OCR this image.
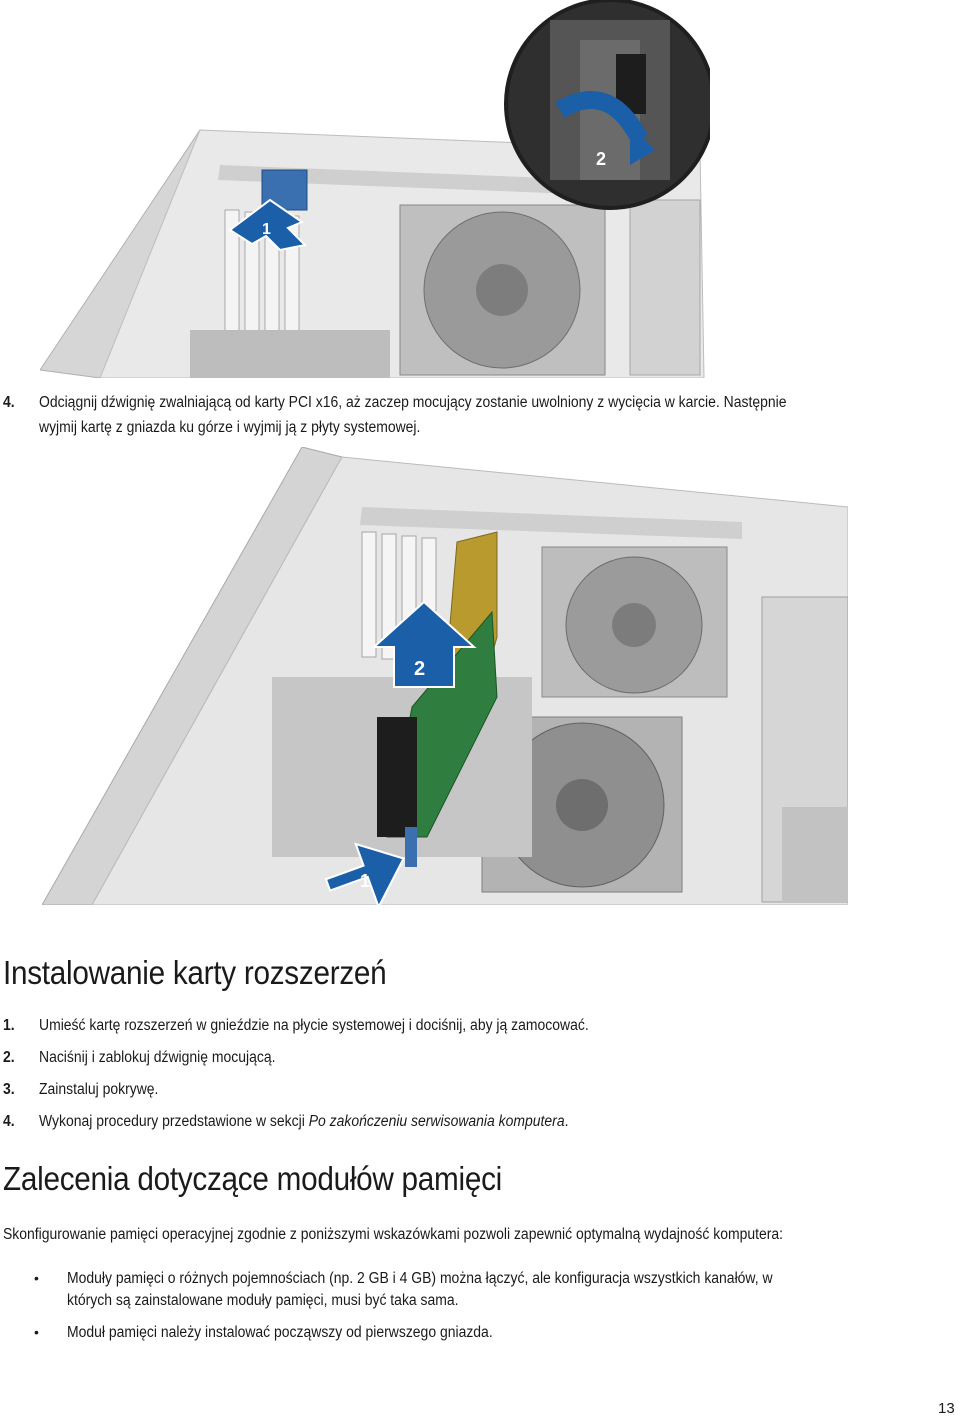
1
2
4. Odciągnij dźwignię zwalniającą od karty PCI x16, aż zaczep mocujący zostanie uwolniony z wycięcia w karcie. Następnie
wyjmij kartę z gniazda ku górze i wyjmij ją z płyty systemowej.
2
1
Instalowanie karty rozszerzeń
1. Umieść kartę rozszerzeń w gnieździe na płycie systemowej i dociśnij, aby ją zamocować.
2. Naciśnij i zablokuj dźwignię mocującą.
3. Zainstaluj pokrywę.
4. Wykonaj procedury przedstawione w sekcji Po zakończeniu serwisowania komputera.
Zalecenia dotyczące modułów pamięci
Skonfigurowanie pamięci operacyjnej zgodnie z poniższymi wskazówkami pozwoli zapewnić optymalną wydajność komputera:
• Moduły pamięci o różnych pojemnościach (np. 2 GB i 4 GB) można łączyć, ale konfiguracja wszystkich kanałów, w
których są zainstalowane moduły pamięci, musi być taka sama.
• Moduł pamięci należy instalować począwszy od pierwszego gniazda.
13
